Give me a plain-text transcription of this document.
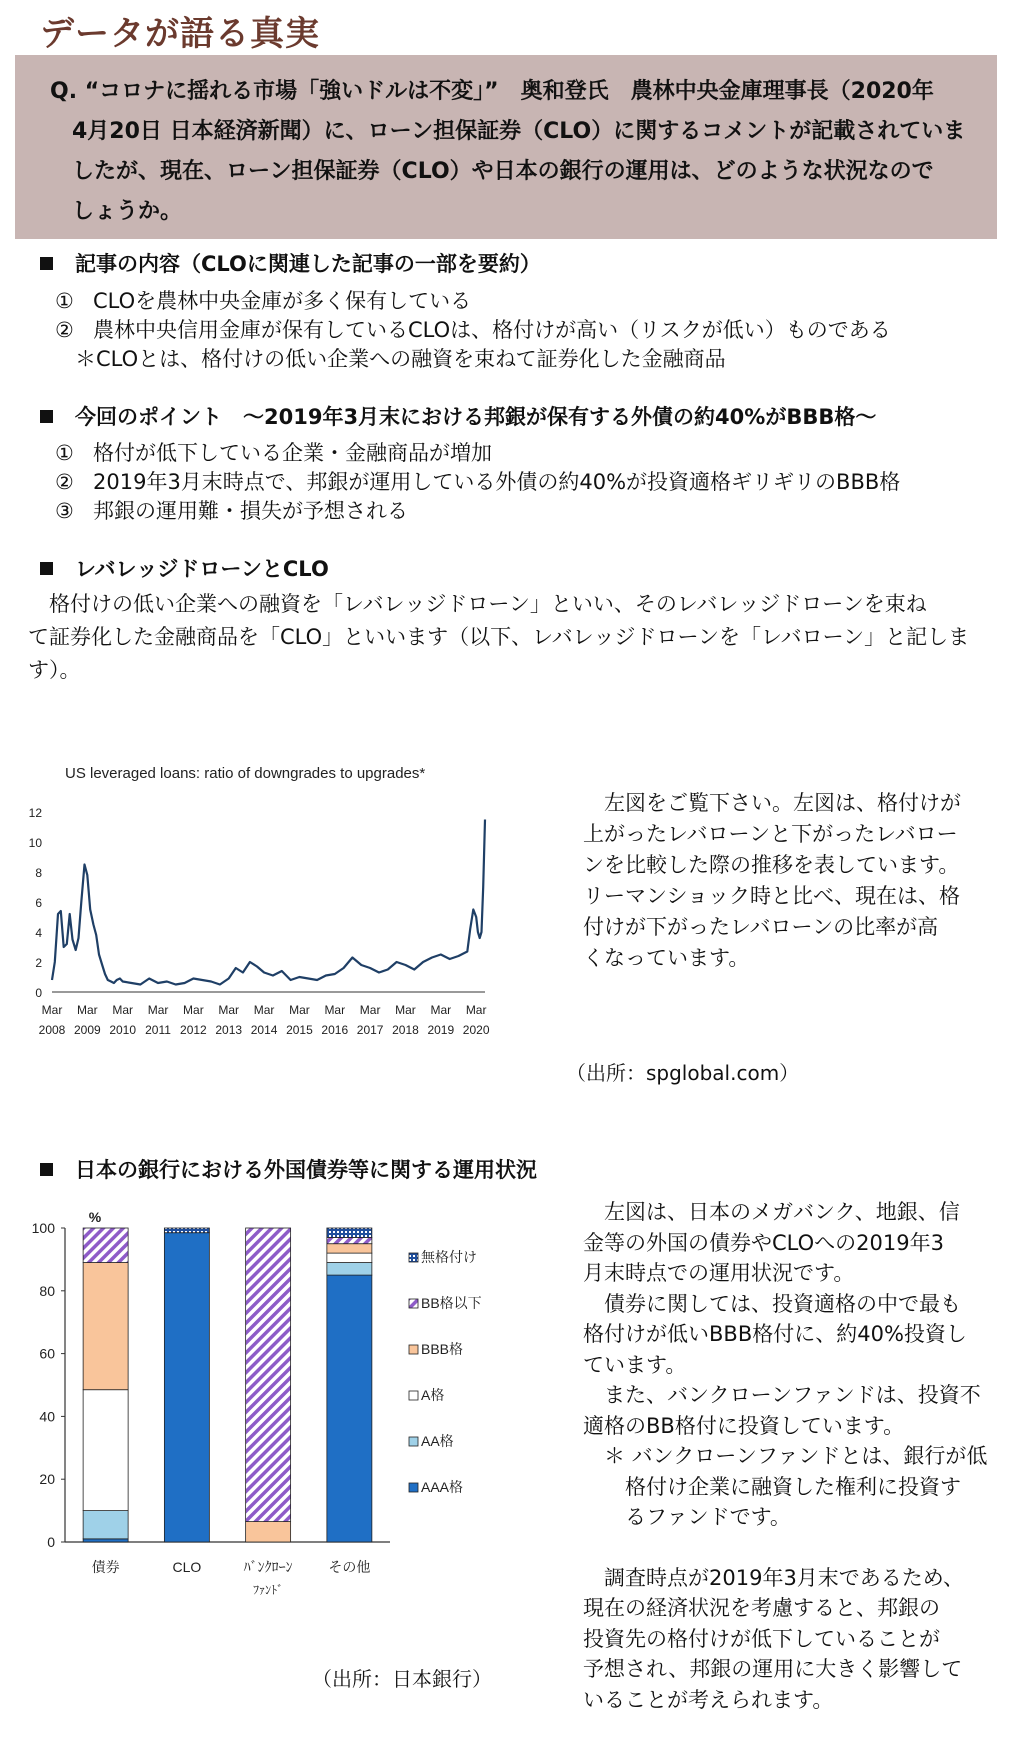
データが語る真実
Q. “コロナに揺れる市場「強いドルは不変」”　奥和登氏　農林中央金庫理事長（2020年
　4月20日 日本経済新聞）に、ローン担保証券（CLO）に関するコメントが記載されていま
　したが、現在、ローン担保証券（CLO）や日本の銀行の運用は、どのような状況なので
　しょうか。
記事の内容（CLOに関連した記事の一部を要約）
① CLOを農林中央金庫が多く保有している
② 農林中央信用金庫が保有しているCLOは、格付けが高い（リスクが低い）ものである
＊CLOとは、格付けの低い企業への融資を束ねて証券化した金融商品
今回のポイント　～2019年3月末における邦銀が保有する外債の約40%がBBB格～
① 格付が低下している企業・金融商品が増加
② 2019年3月末時点で、邦銀が運用している外債の約40%が投資適格ギリギリのBBB格
③ 邦銀の運用難・損失が予想される
レバレッジドローンとCLO
　格付けの低い企業への融資を「レバレッジドローン」といい、そのレバレッジドローンを束ね
て証券化した金融商品を「CLO」といいます（以下、レバレッジドローンを「レバローン」と記しま
す）。
US leveraged loans: ratio of downgrades to upgrades*
0
2
4
6
8
10
12
Mar
2008
Mar
2009
Mar
2010
Mar
2011
Mar
2012
Mar
2013
Mar
2014
Mar
2015
Mar
2016
Mar
2017
Mar
2018
Mar
2019
Mar
2020
　左図をご覧下さい。左図は、格付けが
上がったレバローンと下がったレバロー
ンを比較した際の推移を表しています。
リーマンショック時と比べ、現在は、格
付けが下がったレバローンの比率が高
くなっています。
（出所：spglobal.com）
日本の銀行における外国債券等に関する運用状況
%
0
20
40
60
80
100
債券	CLO	ﾊﾞﾝｸﾛｰﾝ
ﾌｧﾝﾄﾞ
その他
無格付け
BB格以下
BBB格
A格
AA格
AAA格
（出所：日本銀行）
　左図は、日本のメガバンク、地銀、信
金等の外国の債券やCLOへの2019年3
月末時点での運用状況です。
　債券に関しては、投資適格の中で最も
格付けが低いBBB格付に、約40%投資し
ています。
　また、バンクローンファンドは、投資不
適格のBB格付に投資しています。
　＊ バンクローンファンドとは、銀行が低
　　格付け企業に融資した権利に投資す
　　るファンドです。
　調査時点が2019年3月末であるため、
現在の経済状況を考慮すると、邦銀の
投資先の格付けが低下していることが
予想され、邦銀の運用に大きく影響して
いることが考えられます。
